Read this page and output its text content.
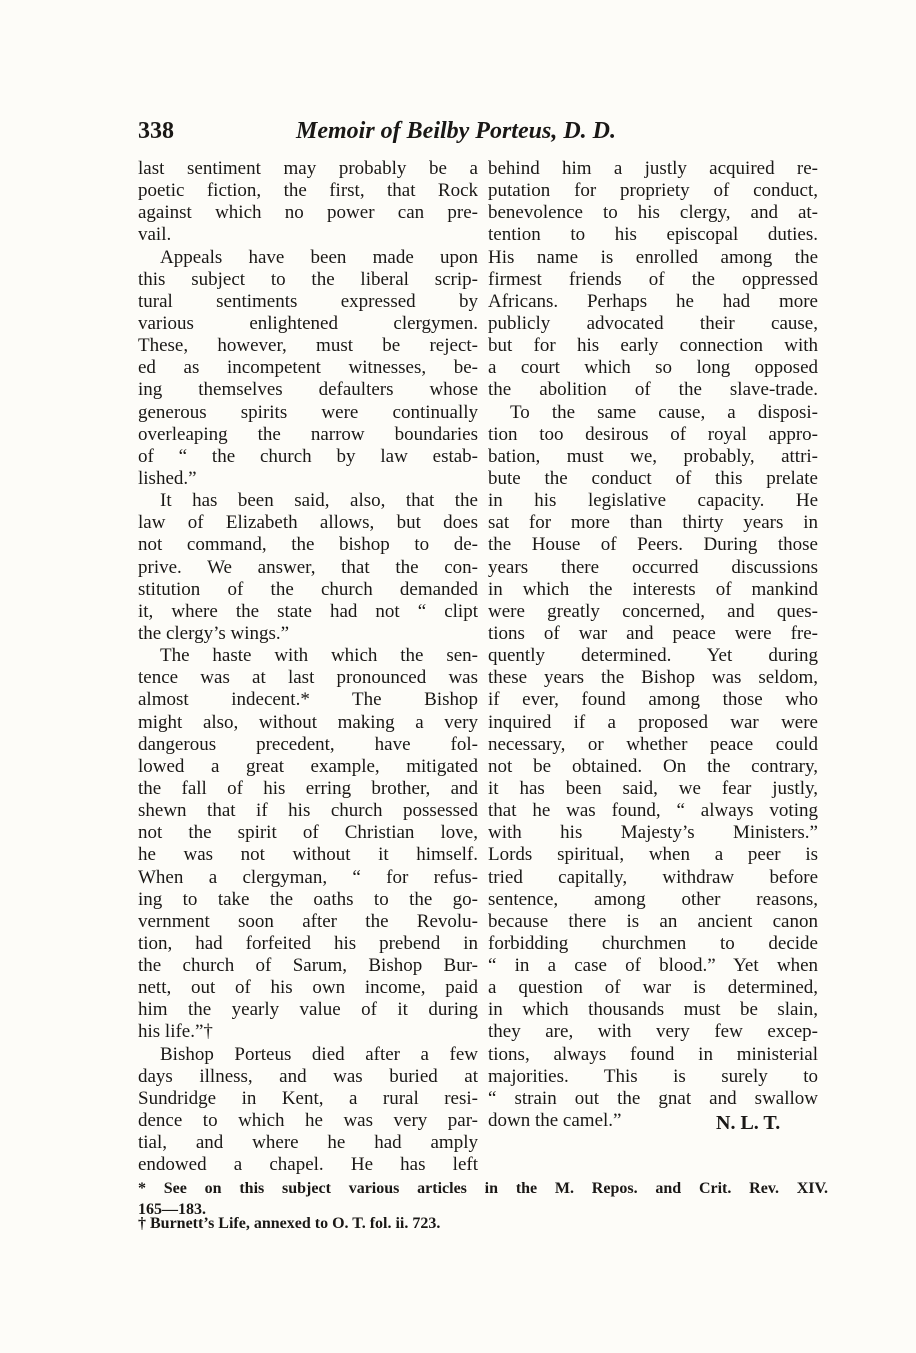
338	Memoir of Beilby Porteus, D. D.
last sentiment may probably be a
poetic fiction, the first, that Rock
against which no power can pre-
vail.
Appeals have been made upon
this subject to the liberal scrip-
tural sentiments expressed by
various enlightened clergymen.
These, however, must be reject-
ed as incompetent witnesses, be-
ing themselves defaulters whose
generous spirits were continually
overleaping the narrow boundaries
of “ the church by law estab-
lished.”
It has been said, also, that the
law of Elizabeth allows, but does
not command, the bishop to de-
prive. We answer, that the con-
stitution of the church demanded
it, where the state had not “ clipt
the clergy’s wings.”
The haste with which the sen-
tence was at last pronounced was
almost indecent.* The Bishop
might also, without making a very
dangerous precedent, have fol-
lowed a great example, mitigated
the fall of his erring brother, and
shewn that if his church possessed
not the spirit of Christian love,
he was not without it himself.
When a clergyman, “ for refus-
ing to take the oaths to the go-
vernment soon after the Revolu-
tion, had forfeited his prebend in
the church of Sarum, Bishop Bur-
nett, out of his own income, paid
him the yearly value of it during
his life.”†
Bishop Porteus died after a few
days illness, and was buried at
Sundridge in Kent, a rural resi-
dence to which he was very par-
tial, and where he had amply
endowed a chapel. He has left
behind him a justly acquired re-
putation for propriety of conduct,
benevolence to his clergy, and at-
tention to his episcopal duties.
His name is enrolled among the
firmest friends of the oppressed
Africans. Perhaps he had more
publicly advocated their cause,
but for his early connection with
a court which so long opposed
the abolition of the slave-trade.
To the same cause, a disposi-
tion too desirous of royal appro-
bation, must we, probably, attri-
bute the conduct of this prelate
in his legislative capacity. He
sat for more than thirty years in
the House of Peers. During those
years there occurred discussions
in which the interests of mankind
were greatly concerned, and ques-
tions of war and peace were fre-
quently determined. Yet during
these years the Bishop was seldom,
if ever, found among those who
inquired if a proposed war were
necessary, or whether peace could
not be obtained. On the contrary,
it has been said, we fear justly,
that he was found, “ always voting
with his Majesty’s Ministers.”
Lords spiritual, when a peer is
tried capitally, withdraw before
sentence, among other reasons,
because there is an ancient canon
forbidding churchmen to decide
“ in a case of blood.” Yet when
a question of war is determined,
in which thousands must be slain,
they are, with very few excep-
tions, always found in ministerial
majorities. This is surely to
“ strain out the gnat and swallow
down the camel.”	N. L. T.
* See on this subject various articles in the M. Repos. and Crit. Rev. XIV.
165—183.
† Burnett’s Life, annexed to O. T. fol. ii. 723.
